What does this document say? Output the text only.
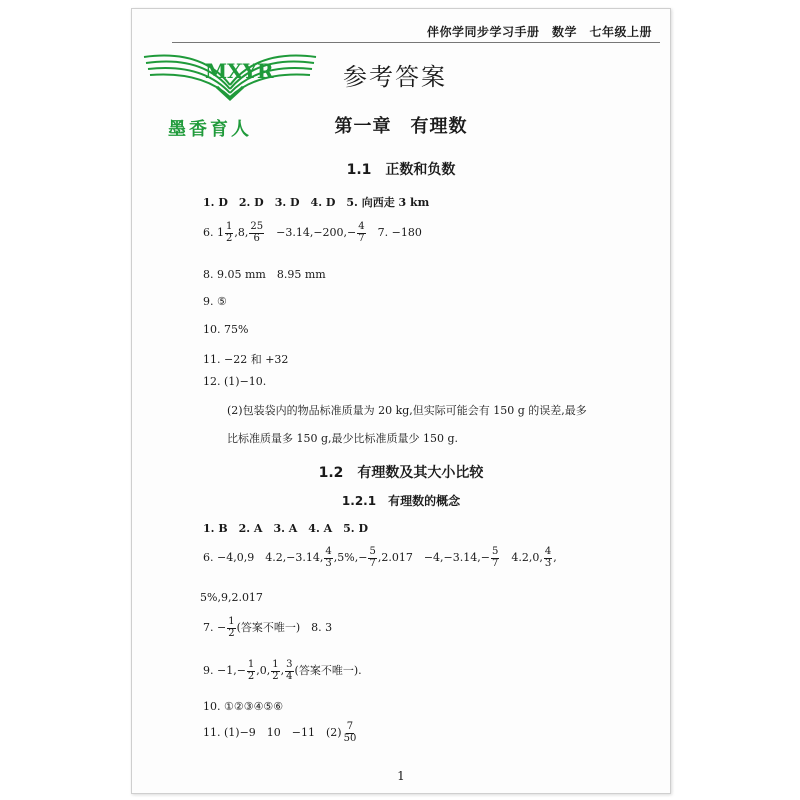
伴你学同步学习手册　数学　七年级上册
MXYR
墨香育人
参考答案
第一章　有理数
1.1　正数和负数
1. D　2. D　3. D　4. D　5. 向西走 3 km
6. $1 \frac{1}{2} ,8$, $\frac{25}{6}$ 　$-3.14,-200,- \frac{4}{7}$ 　7. −180
8. 9.05 mm　8.95 mm
9. ⑤
10. 75%
11. −22 和 +32
12. (1)−10.
(2)包装袋内的物品标准质量为 20 kg,但实际可能会有 150 g 的误差,最多
比标准质量多 150 g,最少比标准质量少 150 g.
1.2　有理数及其大小比较
1.2.1　有理数的概念
1. B　2. A　3. A　4. A　5. D
6. −4,0,9　4.2,−3.14, $\frac{4}{3} ,5\%,- \frac{5}{7} ,2.017$　$-4,-3.14,- \frac{5}{7}$ 　4.2,0, $\frac{4}{3}$ ,
5%,9,2.017
7. − $\frac{1}{2}$ (答案不唯一)　8. 3
9. $-1,- \frac{1}{2} ,0$, $\frac{1}{2}$ , $\frac{3}{4}$ (答案不唯一).
10. ①②③④⑤⑥
11. (1)−9　10　−11　$(2) \frac{7}{50}$
1
